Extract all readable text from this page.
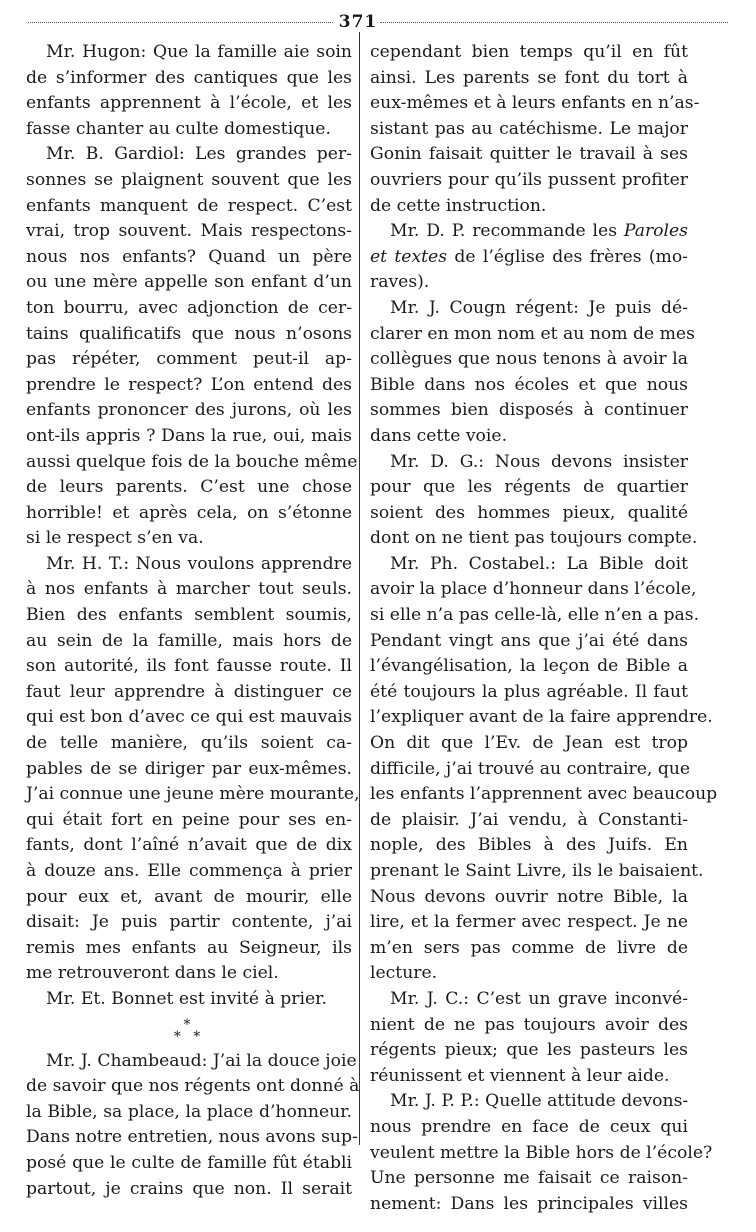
371
Mr. Hugon: Que la famille aie soin
de s’informer des cantiques que les
enfants apprennent à l’école, et les
fasse chanter au culte domestique.
Mr. B. Gardiol: Les grandes per-
sonnes se plaignent souvent que les
enfants manquent de respect. C’est
vrai, trop souvent. Mais respectons-
nous nos enfants? Quand un père
ou une mère appelle son enfant d’un
ton bourru, avec adjonction de cer-
tains qualificatifs que nous n’osons
pas répéter, comment peut-il ap-
prendre le respect? L’on entend des
enfants prononcer des jurons, où les
ont-ils appris ? Dans la rue, oui, mais
aussi quelque fois de la bouche même
de leurs parents. C’est une chose
horrible! et après cela, on s’étonne
si le respect s’en va.
Mr. H. T.: Nous voulons apprendre
à nos enfants à marcher tout seuls.
Bien des enfants semblent soumis,
au sein de la famille, mais hors de
son autorité, ils font fausse route. Il
faut leur apprendre à distinguer ce
qui est bon d’avec ce qui est mauvais
de telle manière, qu’ils soient ca-
pables de se diriger par eux-mêmes.
J’ai connue une jeune mère mourante,
qui était fort en peine pour ses en-
fants, dont l’aîné n’avait que de dix
à douze ans. Elle commença à prier
pour eux et, avant de mourir, elle
disait: Je puis partir contente, j’ai
remis mes enfants au Seigneur, ils
me retrouveront dans le ciel.
Mr. Et. Bonnet est invité à prier.
*
* *
Mr. J. Chambeaud: J’ai la douce joie
de savoir que nos régents ont donné à
la Bible, sa place, la place d’honneur.
Dans notre entretien, nous avons sup-
posé que le culte de famille fût établi
partout, je crains que non. Il serait
cependant bien temps qu’il en fût
ainsi. Les parents se font du tort à
eux-mêmes et à leurs enfants en n’as-
sistant pas au catéchisme. Le major
Gonin faisait quitter le travail à ses
ouvriers pour qu’ils pussent profiter
de cette instruction.
Mr. D. P. recommande les Paroles
et textes de l’église des frères (mo-
raves).
Mr. J. Cougn régent: Je puis dé-
clarer en mon nom et au nom de mes
collègues que nous tenons à avoir la
Bible dans nos écoles et que nous
sommes bien disposés à continuer
dans cette voie.
Mr. D. G.: Nous devons insister
pour que les régents de quartier
soient des hommes pieux, qualité
dont on ne tient pas toujours compte.
Mr. Ph. Costabel.: La Bible doit
avoir la place d’honneur dans l’école,
si elle n’a pas celle-là, elle n’en a pas.
Pendant vingt ans que j’ai été dans
l’évangélisation, la leçon de Bible a
été toujours la plus agréable. Il faut
l’expliquer avant de la faire apprendre.
On dit que l’Ev. de Jean est trop
difficile, j’ai trouvé au contraire, que
les enfants l’apprennent avec beaucoup
de plaisir. J’ai vendu, à Constanti-
nople, des Bibles à des Juifs. En
prenant le Saint Livre, ils le baisaient.
Nous devons ouvrir notre Bible, la
lire, et la fermer avec respect. Je ne
m’en sers pas comme de livre de
lecture.
Mr. J. C.: C’est un grave inconvé-
nient de ne pas toujours avoir des
régents pieux; que les pasteurs les
réunissent et viennent à leur aide.
Mr. J. P. P.: Quelle attitude devons-
nous prendre en face de ceux qui
veulent mettre la Bible hors de l’école?
Une personne me faisait ce raison-
nement: Dans les principales villes
